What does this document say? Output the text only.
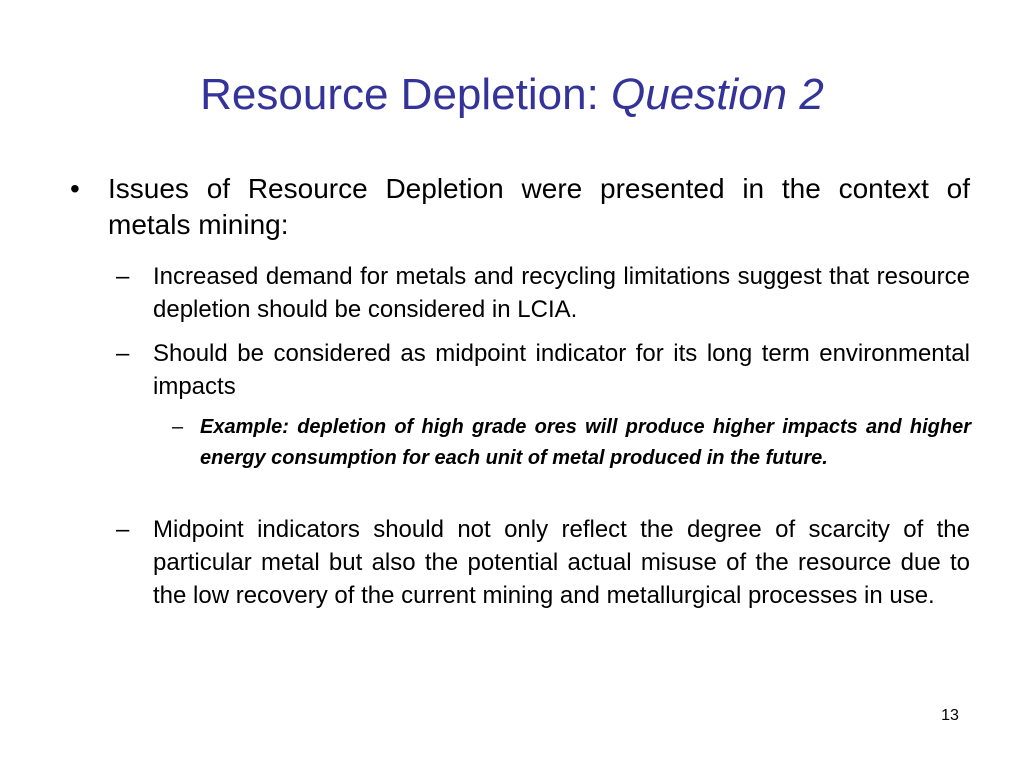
Resource Depletion: Question 2
• Issues of Resource Depletion were presented in the context of metals mining:
– Increased demand for metals and recycling limitations suggest that resource depletion should be considered in LCIA.
– Should be considered as midpoint indicator for its long term environmental impacts
– Example: depletion of high grade ores will produce higher impacts and higher energy consumption for each unit of metal produced in the future.
– Midpoint indicators should not only reflect the degree of scarcity of the particular metal but also the potential actual misuse of the resource due to the low recovery of the current mining and metallurgical processes in use.
13
